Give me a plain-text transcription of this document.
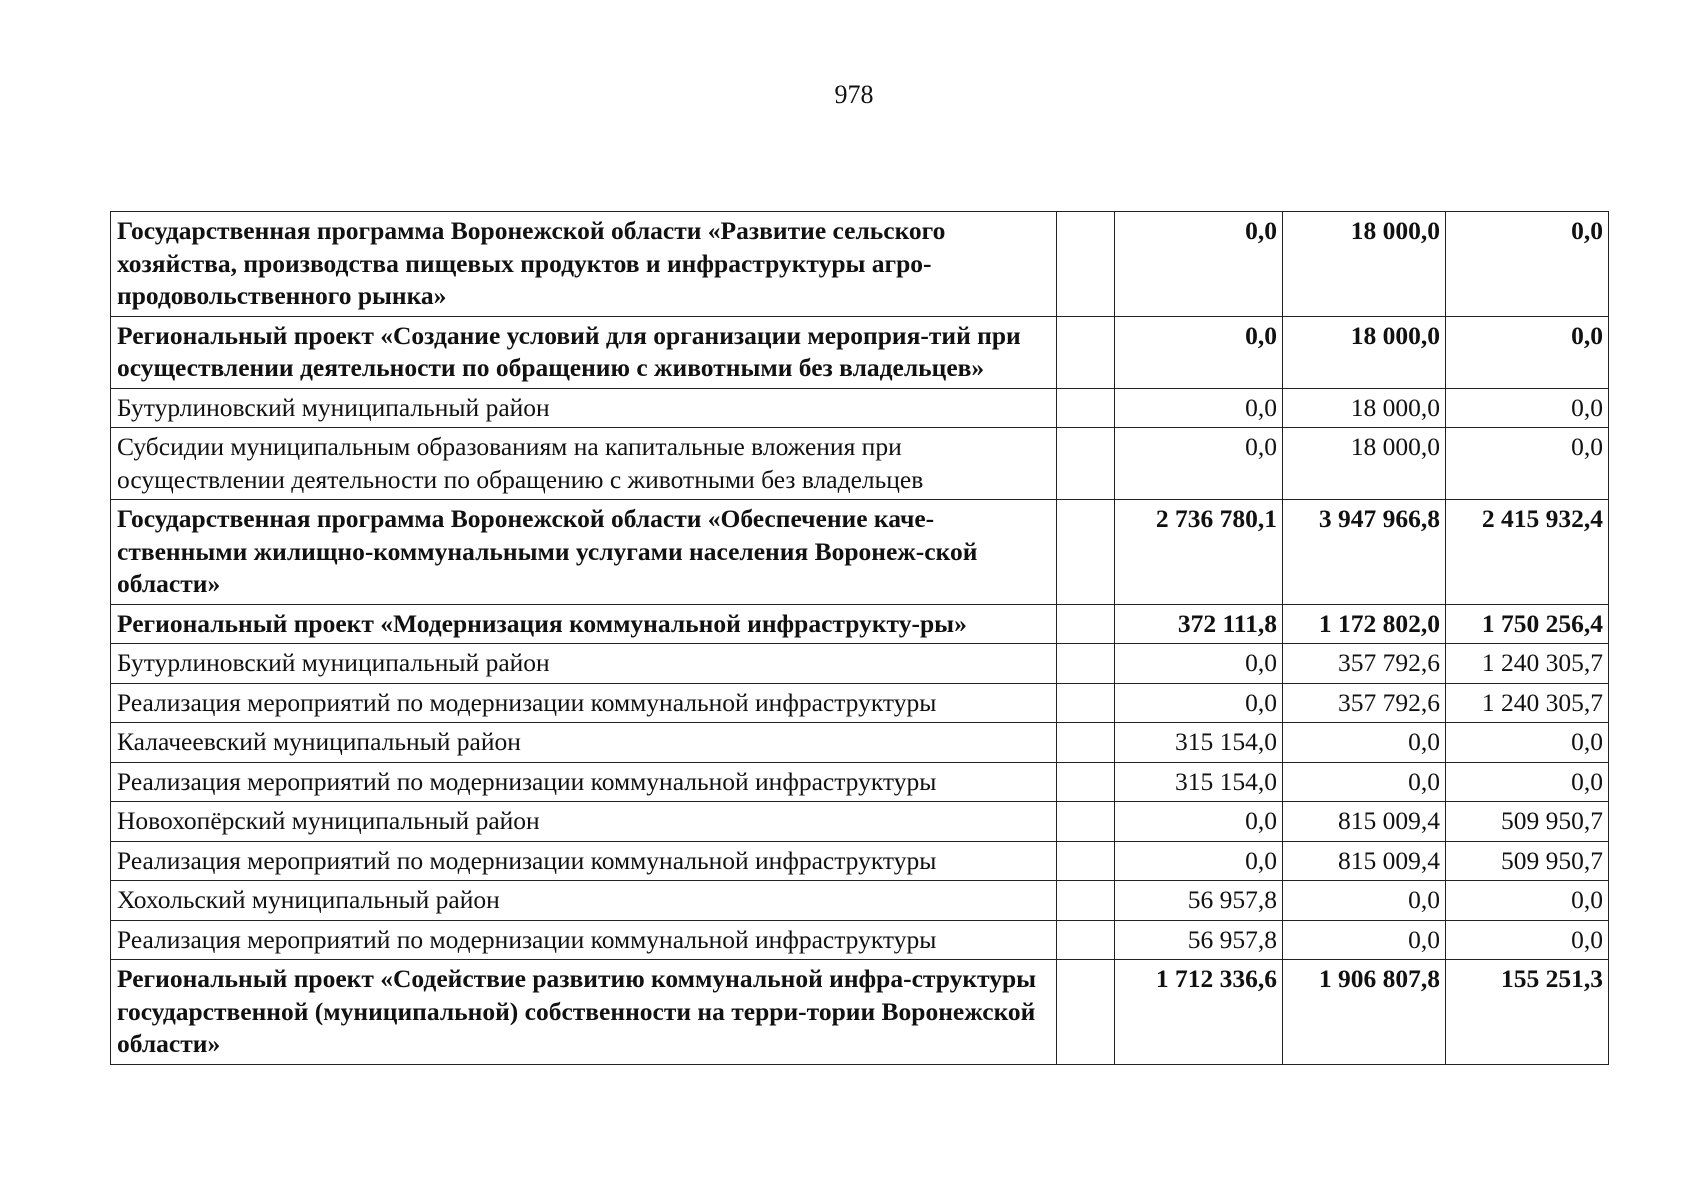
978
Государственная программа Воронежской области «Развитие сельского хозяйства, производства пищевых продуктов и инфраструктуры агро-продовольственного рынка»		0,0	18 000,0	0,0
Региональный проект «Создание условий для организации мероприя-тий при осуществлении деятельности по обращению с животными без владельцев»		0,0	18 000,0	0,0
Бутурлиновский муниципальный район		0,0	18 000,0	0,0
Субсидии муниципальным образованиям на капитальные вложения при осуществлении деятельности по обращению с животными без владельцев		0,0	18 000,0	0,0
Государственная программа Воронежской области «Обеспечение каче-ственными жилищно-коммунальными услугами населения Воронеж-ской области»		2 736 780,1	3 947 966,8	2 415 932,4
Региональный проект «Модернизация коммунальной инфраструкту-ры»		372 111,8	1 172 802,0	1 750 256,4
Бутурлиновский муниципальный район		0,0	357 792,6	1 240 305,7
Реализация мероприятий по модернизации коммунальной инфраструктуры		0,0	357 792,6	1 240 305,7
Калачеевский муниципальный район		315 154,0	0,0	0,0
Реализация мероприятий по модернизации коммунальной инфраструктуры		315 154,0	0,0	0,0
Новохопёрский муниципальный район		0,0	815 009,4	509 950,7
Реализация мероприятий по модернизации коммунальной инфраструктуры		0,0	815 009,4	509 950,7
Хохольский муниципальный район		56 957,8	0,0	0,0
Реализация мероприятий по модернизации коммунальной инфраструктуры		56 957,8	0,0	0,0
Региональный проект «Содействие развитию коммунальной инфра-структуры государственной (муниципальной) собственности на терри-тории Воронежской области»		1 712 336,6	1 906 807,8	155 251,3
